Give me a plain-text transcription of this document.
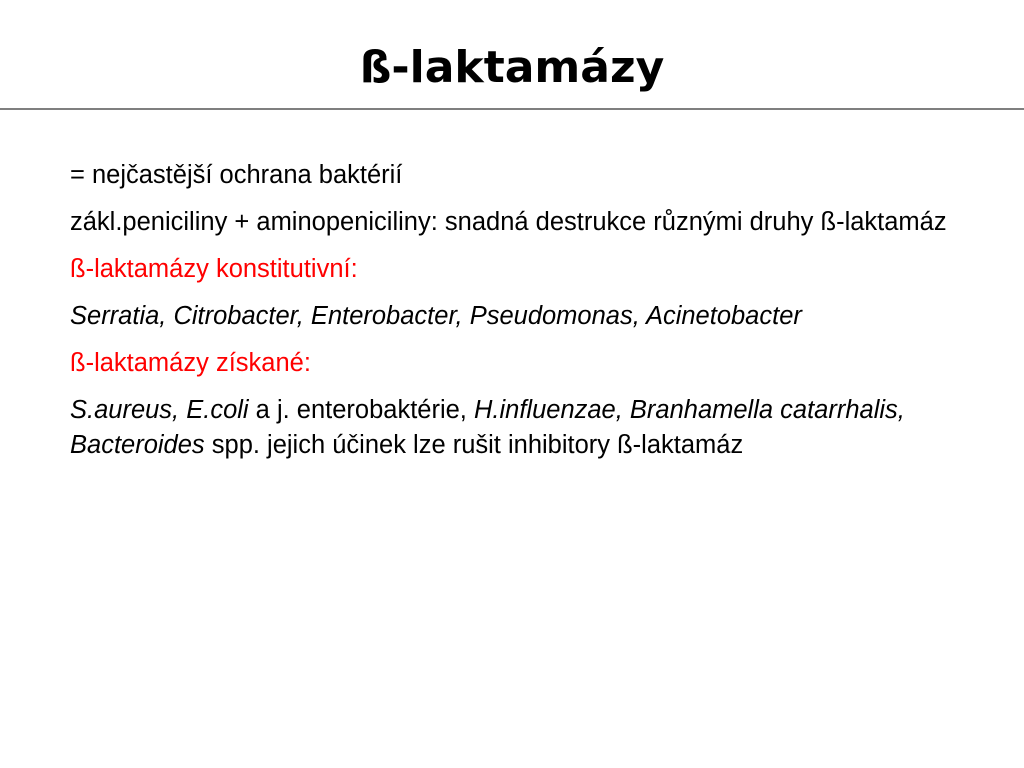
ß-laktamázy

= nejčastější ochrana baktérií

zákl.peniciliny + aminopeniciliny: snadná destrukce různými druhy ß-laktamáz

ß-laktamázy konstitutivní:

Serratia, Citrobacter, Enterobacter, Pseudomonas, Acinetobacter

ß-laktamázy získané:

S.aureus, E.coli a j. enterobaktérie, H.influenzae, Branhamella catarrhalis, Bacteroides spp. jejich účinek lze rušit inhibitory ß-laktamáz
